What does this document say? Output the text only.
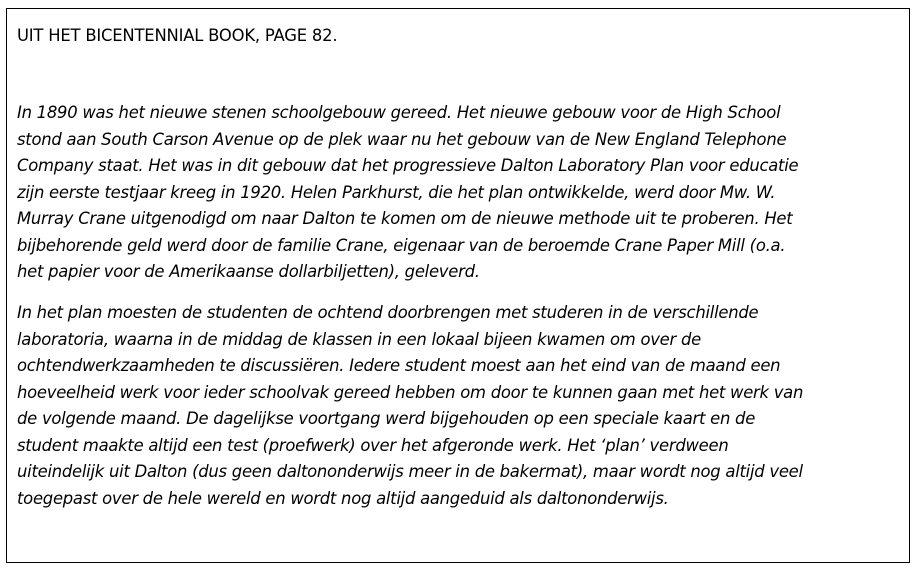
UIT HET BICENTENNIAL BOOK, PAGE 82.

In 1890 was het nieuwe stenen schoolgebouw gereed. Het nieuwe gebouw voor de High School
stond aan South Carson Avenue op de plek waar nu het gebouw van de New England Telephone
Company staat. Het was in dit gebouw dat het progressieve Dalton Laboratory Plan voor educatie
zijn eerste testjaar kreeg in 1920. Helen Parkhurst, die het plan ontwikkelde, werd door Mw. W.
Murray Crane uitgenodigd om naar Dalton te komen om de nieuwe methode uit te proberen. Het
bijbehorende geld werd door de familie Crane, eigenaar van de beroemde Crane Paper Mill (o.a.
het papier voor de Amerikaanse dollarbiljetten), geleverd.

In het plan moesten de studenten de ochtend doorbrengen met studeren in de verschillende
laboratoria, waarna in de middag de klassen in een lokaal bijeen kwamen om over de
ochtendwerkzaamheden te discussiëren. Iedere student moest aan het eind van de maand een
hoeveelheid werk voor ieder schoolvak gereed hebben om door te kunnen gaan met het werk van
de volgende maand. De dagelijkse voortgang werd bijgehouden op een speciale kaart en de
student maakte altijd een test (proefwerk) over het afgeronde werk. Het ‘plan’ verdween
uiteindelijk uit Dalton (dus geen daltononderwijs meer in de bakermat), maar wordt nog altijd veel
toegepast over de hele wereld en wordt nog altijd aangeduid als daltononderwijs.
